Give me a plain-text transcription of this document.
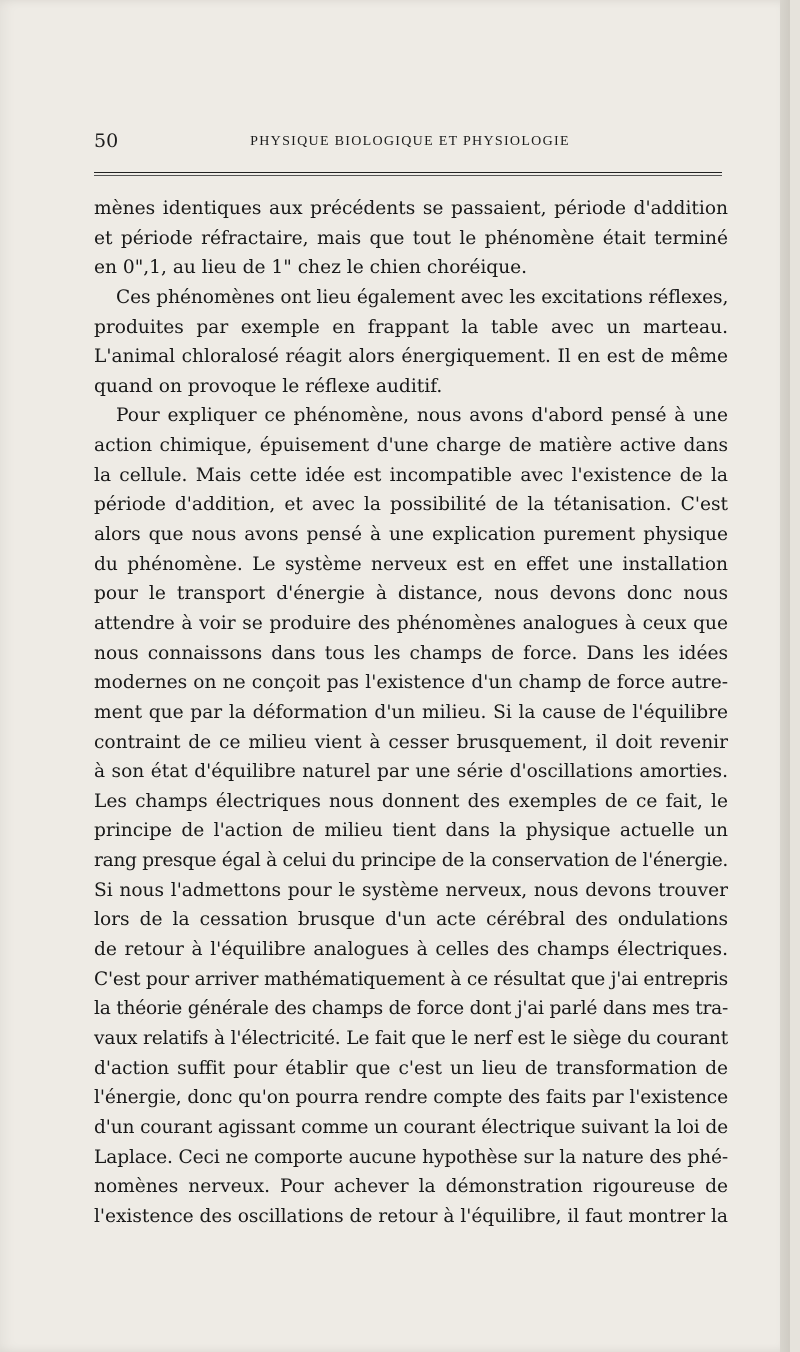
50	PHYSIQUE BIOLOGIQUE ET PHYSIOLOGIE
mènes identiques aux précédents se passaient, période d'addition
et période réfractaire, mais que tout le phénomène était terminé
en 0",1, au lieu de 1" chez le chien choréique.
Ces phénomènes ont lieu également avec les excitations réflexes,
produites par exemple en frappant la table avec un marteau.
L'animal chloralosé réagit alors énergiquement. Il en est de même
quand on provoque le réflexe auditif.
Pour expliquer ce phénomène, nous avons d'abord pensé à une
action chimique, épuisement d'une charge de matière active dans
la cellule. Mais cette idée est incompatible avec l'existence de la
période d'addition, et avec la possibilité de la tétanisation. C'est
alors que nous avons pensé à une explication purement physique
du phénomène. Le système nerveux est en effet une installation
pour le transport d'énergie à distance, nous devons donc nous
attendre à voir se produire des phénomènes analogues à ceux que
nous connaissons dans tous les champs de force. Dans les idées
modernes on ne conçoit pas l'existence d'un champ de force autre-
ment que par la déformation d'un milieu. Si la cause de l'équilibre
contraint de ce milieu vient à cesser brusquement, il doit revenir
à son état d'équilibre naturel par une série d'oscillations amorties.
Les champs électriques nous donnent des exemples de ce fait, le
principe de l'action de milieu tient dans la physique actuelle un
rang presque égal à celui du principe de la conservation de l'énergie.
Si nous l'admettons pour le système nerveux, nous devons trouver
lors de la cessation brusque d'un acte cérébral des ondulations
de retour à l'équilibre analogues à celles des champs électriques.
C'est pour arriver mathématiquement à ce résultat que j'ai entrepris
la théorie générale des champs de force dont j'ai parlé dans mes tra-
vaux relatifs à l'électricité. Le fait que le nerf est le siège du courant
d'action suffit pour établir que c'est un lieu de transformation de
l'énergie, donc qu'on pourra rendre compte des faits par l'existence
d'un courant agissant comme un courant électrique suivant la loi de
Laplace. Ceci ne comporte aucune hypothèse sur la nature des phé-
nomènes nerveux. Pour achever la démonstration rigoureuse de
l'existence des oscillations de retour à l'équilibre, il faut montrer la
